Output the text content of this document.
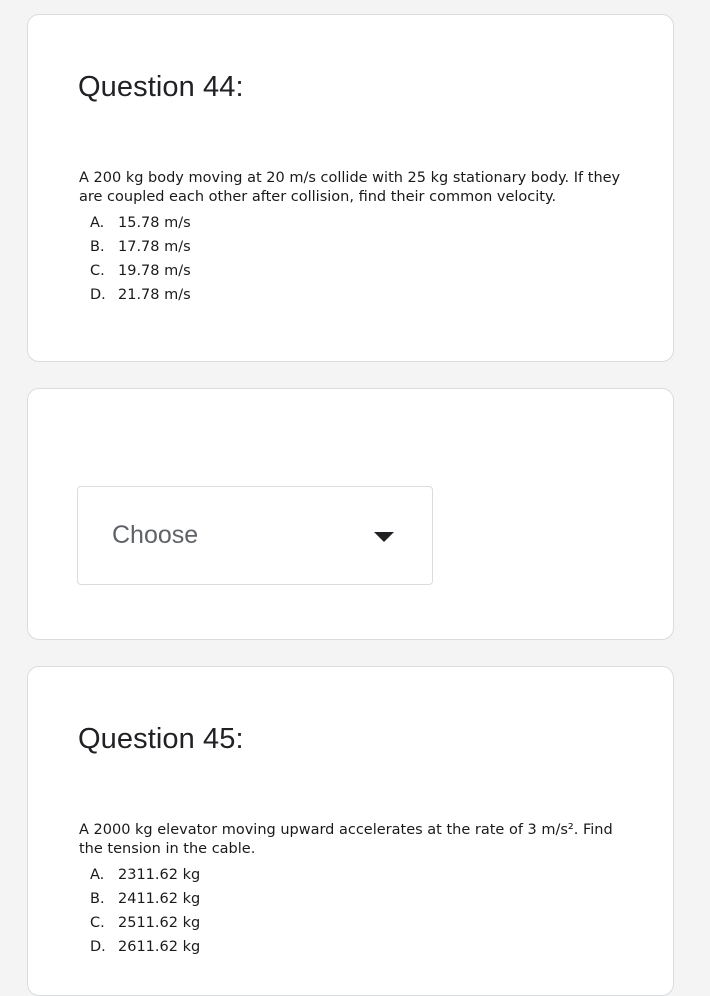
Question 44:
A 200 kg body moving at 20 m/s collide with 25 kg stationary body. If they are coupled each other after collision, find their common velocity.
A. 15.78 m/s
B. 17.78 m/s
C. 19.78 m/s
D. 21.78 m/s
Choose
Question 45:
A 2000 kg elevator moving upward accelerates at the rate of 3 m/s². Find the tension in the cable.
A. 2311.62 kg
B. 2411.62 kg
C. 2511.62 kg
D. 2611.62 kg
